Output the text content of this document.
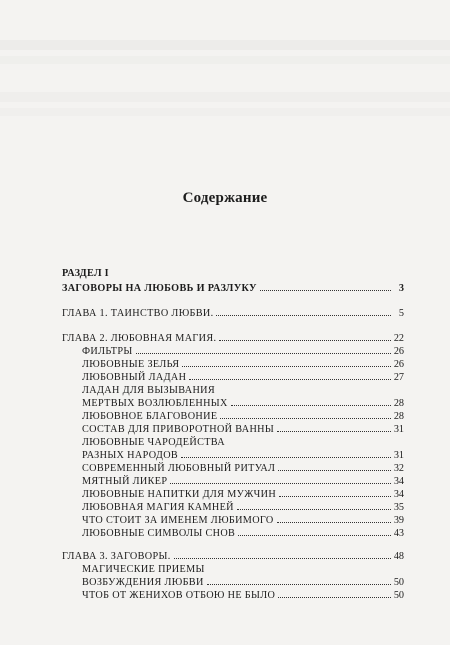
Содержание
РАЗДЕЛ I
ЗАГОВОРЫ НА ЛЮБОВЬ И РАЗЛУКУ	3
ГЛАВА 1. ТАИНСТВО ЛЮБВИ.	5
ГЛАВА 2. ЛЮБОВНАЯ МАГИЯ.	22
ФИЛЬТРЫ	26
ЛЮБОВНЫЕ ЗЕЛЬЯ	26
ЛЮБОВНЫЙ ЛАДАН	27
ЛАДАН ДЛЯ ВЫЗЫВАНИЯ
МЕРТВЫХ ВОЗЛЮБЛЕННЫХ	28
ЛЮБОВНОЕ БЛАГОВОНИЕ	28
СОСТАВ ДЛЯ ПРИВОРОТНОЙ ВАННЫ	31
ЛЮБОВНЫЕ ЧАРОДЕЙСТВА
РАЗНЫХ НАРОДОВ	31
СОВРЕМЕННЫЙ ЛЮБОВНЫЙ РИТУАЛ	32
МЯТНЫЙ ЛИКЕР	34
ЛЮБОВНЫЕ НАПИТКИ ДЛЯ МУЖЧИН	34
ЛЮБОВНАЯ МАГИЯ КАМНЕЙ	35
ЧТО СТОИТ ЗА ИМЕНЕМ ЛЮБИМОГО	39
ЛЮБОВНЫЕ СИМВОЛЫ СНОВ	43
ГЛАВА 3. ЗАГОВОРЫ.	48
МАГИЧЕСКИЕ ПРИЕМЫ
ВОЗБУЖДЕНИЯ ЛЮБВИ	50
ЧТОБ ОТ ЖЕНИХОВ ОТБОЮ НЕ БЫЛО	50
